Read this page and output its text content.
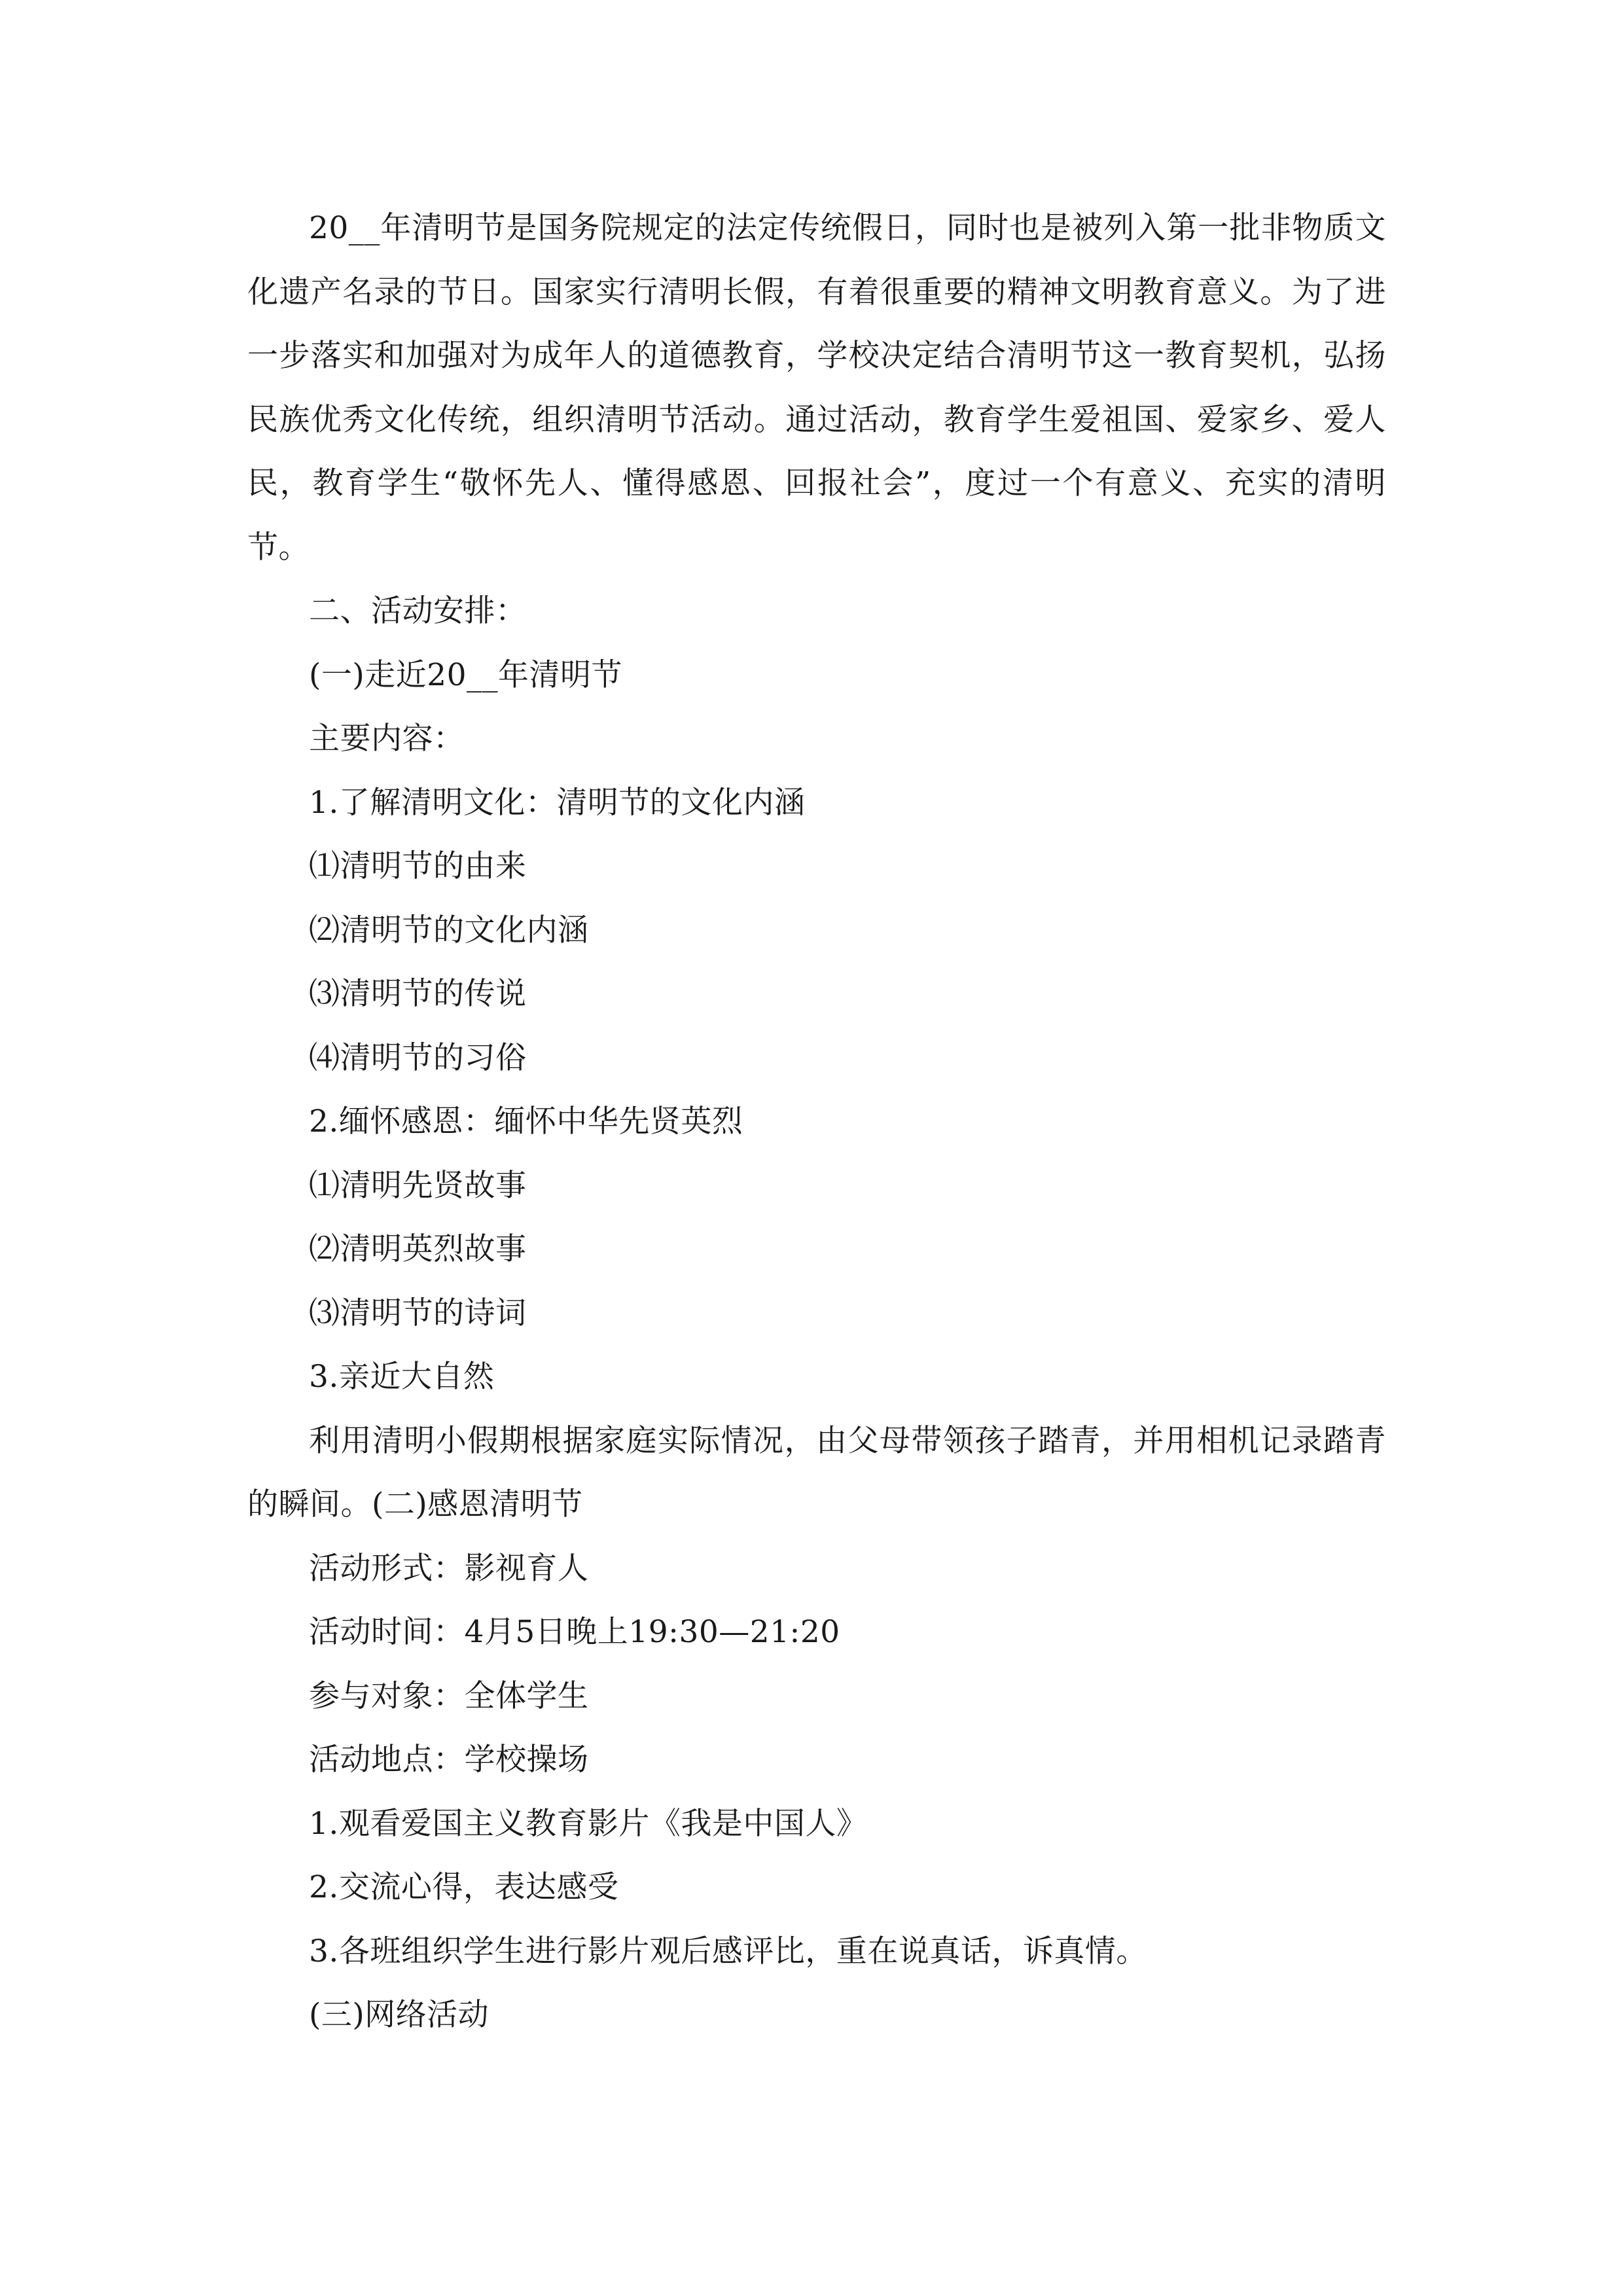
20__年清明节是国务院规定的法定传统假日，同时也是被列入第一批非物质文化遗产名录的节日。国家实行清明长假，有着很重要的精神文明教育意义。为了进一步落实和加强对为成年人的道德教育，学校决定结合清明节这一教育契机，弘扬民族优秀文化传统，组织清明节活动。通过活动，教育学生爱祖国、爱家乡、爱人民，教育学生“敬怀先人、懂得感恩、回报社会”，度过一个有意义、充实的清明节。

二、活动安排：

(一)走近20__年清明节

主要内容：

1.了解清明文化：清明节的文化内涵

⑴清明节的由来

⑵清明节的文化内涵

⑶清明节的传说

⑷清明节的习俗

2.缅怀感恩：缅怀中华先贤英烈

⑴清明先贤故事

⑵清明英烈故事

⑶清明节的诗词

3.亲近大自然

利用清明小假期根据家庭实际情况，由父母带领孩子踏青，并用相机记录踏青的瞬间。(二)感恩清明节

活动形式：影视育人

活动时间：4月5日晚上19:30—21:20

参与对象：全体学生

活动地点：学校操场

1.观看爱国主义教育影片《我是中国人》

2.交流心得，表达感受

3.各班组织学生进行影片观后感评比，重在说真话，诉真情。

(三)网络活动
